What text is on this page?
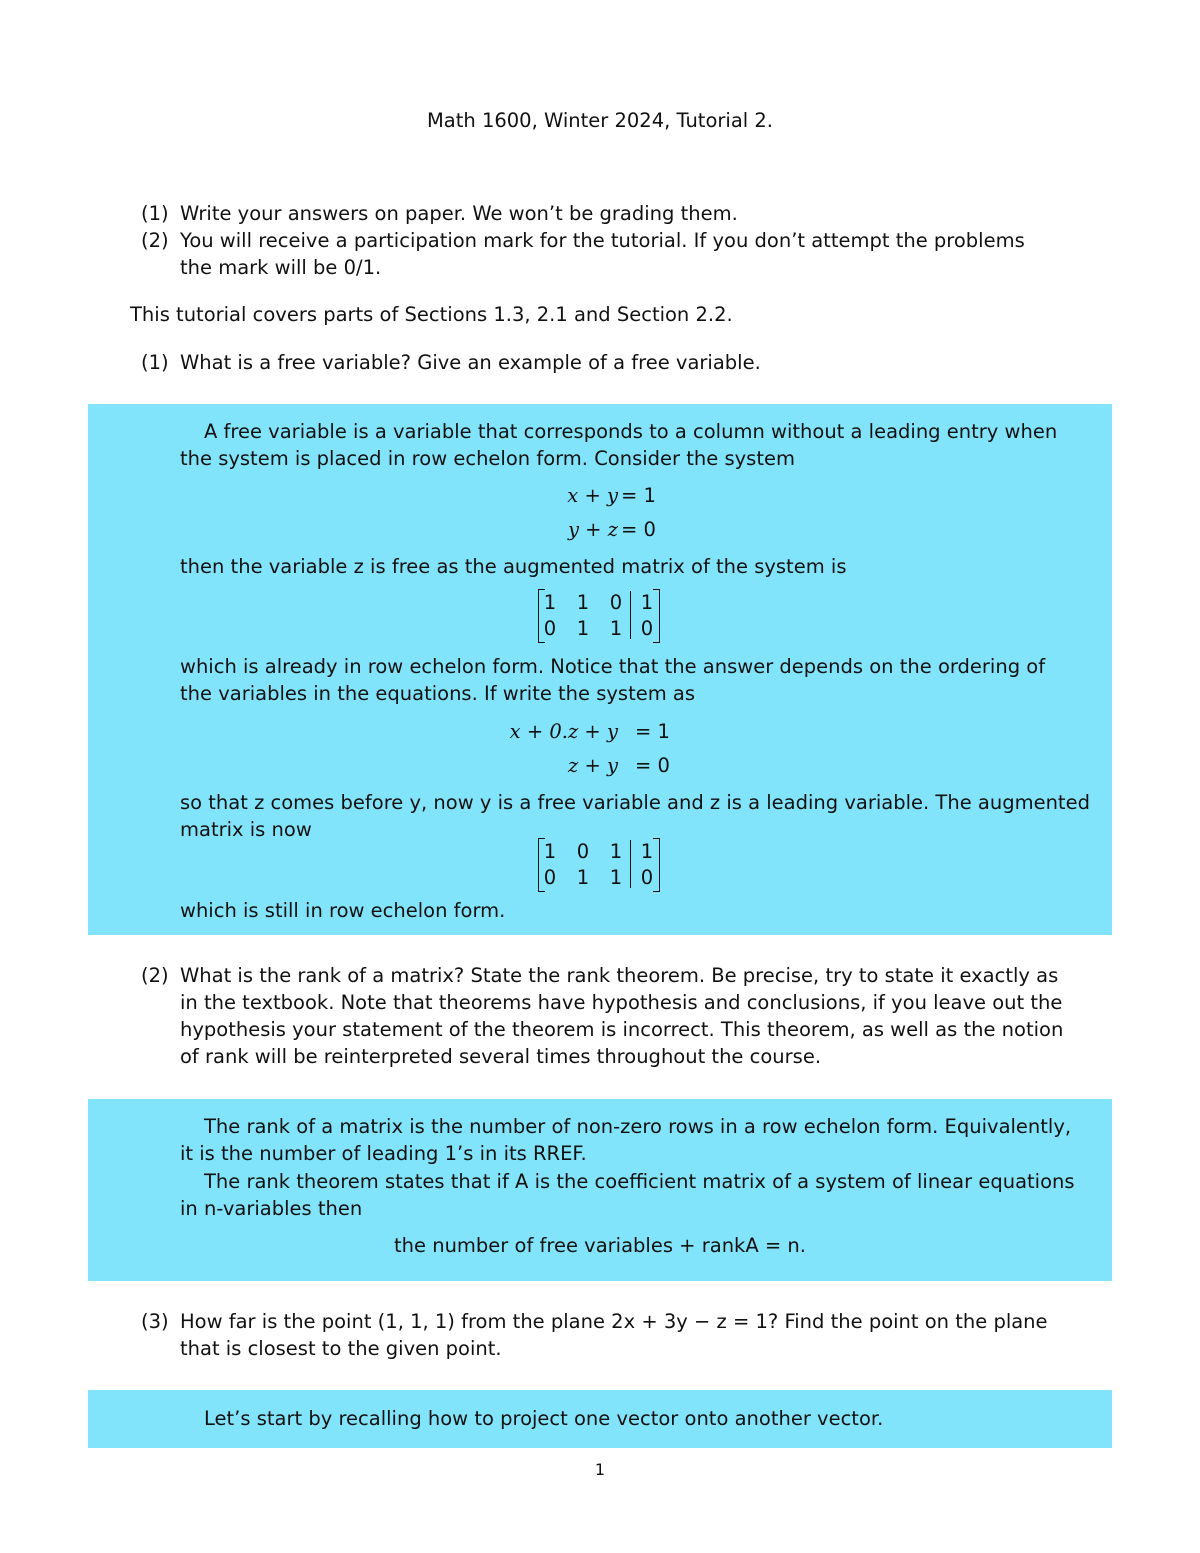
Math 1600, Winter 2024, Tutorial 2.
(1) Write your answers on paper. We won’t be grading them.
(2) You will receive a participation mark for the tutorial. If you don’t attempt the problems
the mark will be 0/1.
This tutorial covers parts of Sections 1.3, 2.1 and Section 2.2.
(1) What is a free variable? Give an example of a free variable.
A free variable is a variable that corresponds to a column without a leading entry when
the system is placed in row echelon form. Consider the system
x + y = 1
y + z = 0
then the variable z is free as the augmented matrix of the system is
1 1 0 1
0 1 1 0
which is already in row echelon form. Notice that the answer depends on the ordering of
the variables in the equations. If write the system as
x + 0.z + y = 1
z + y = 0
so that z comes before y, now y is a free variable and z is a leading variable. The augmented
matrix is now
1 0 1 1
0 1 1 0
which is still in row echelon form.
(2) What is the rank of a matrix? State the rank theorem. Be precise, try to state it exactly as
in the textbook. Note that theorems have hypothesis and conclusions, if you leave out the
hypothesis your statement of the theorem is incorrect. This theorem, as well as the notion
of rank will be reinterpreted several times throughout the course.
The rank of a matrix is the number of non-zero rows in a row echelon form. Equivalently,
it is the number of leading 1’s in its RREF.
The rank theorem states that if A is the coefficient matrix of a system of linear equations
in n-variables then
the number of free variables + rankA = n.
(3) How far is the point (1, 1, 1) from the plane 2x + 3y − z = 1? Find the point on the plane
that is closest to the given point.
Let’s start by recalling how to project one vector onto another vector.
1
